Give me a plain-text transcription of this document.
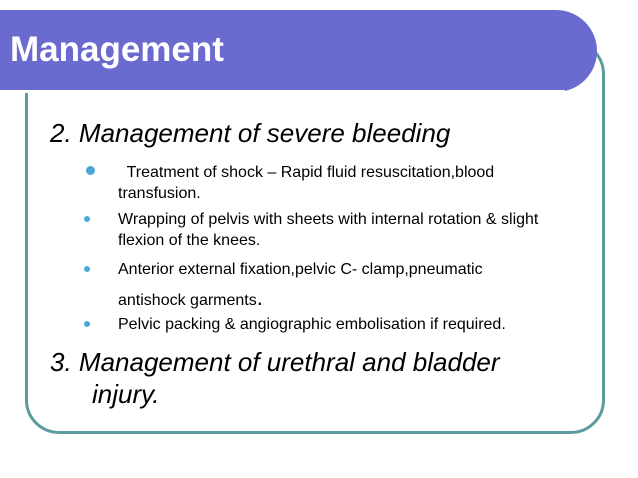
Management
2. Management of severe bleeding
Treatment of shock – Rapid fluid resuscitation,blood
transfusion.
Wrapping of pelvis with sheets with internal rotation & slight
flexion of the knees.
Anterior external fixation,pelvic C- clamp,pneumatic
antishock garments.
Pelvic packing & angiographic embolisation if required.
3. Management of urethral and bladder
injury.
